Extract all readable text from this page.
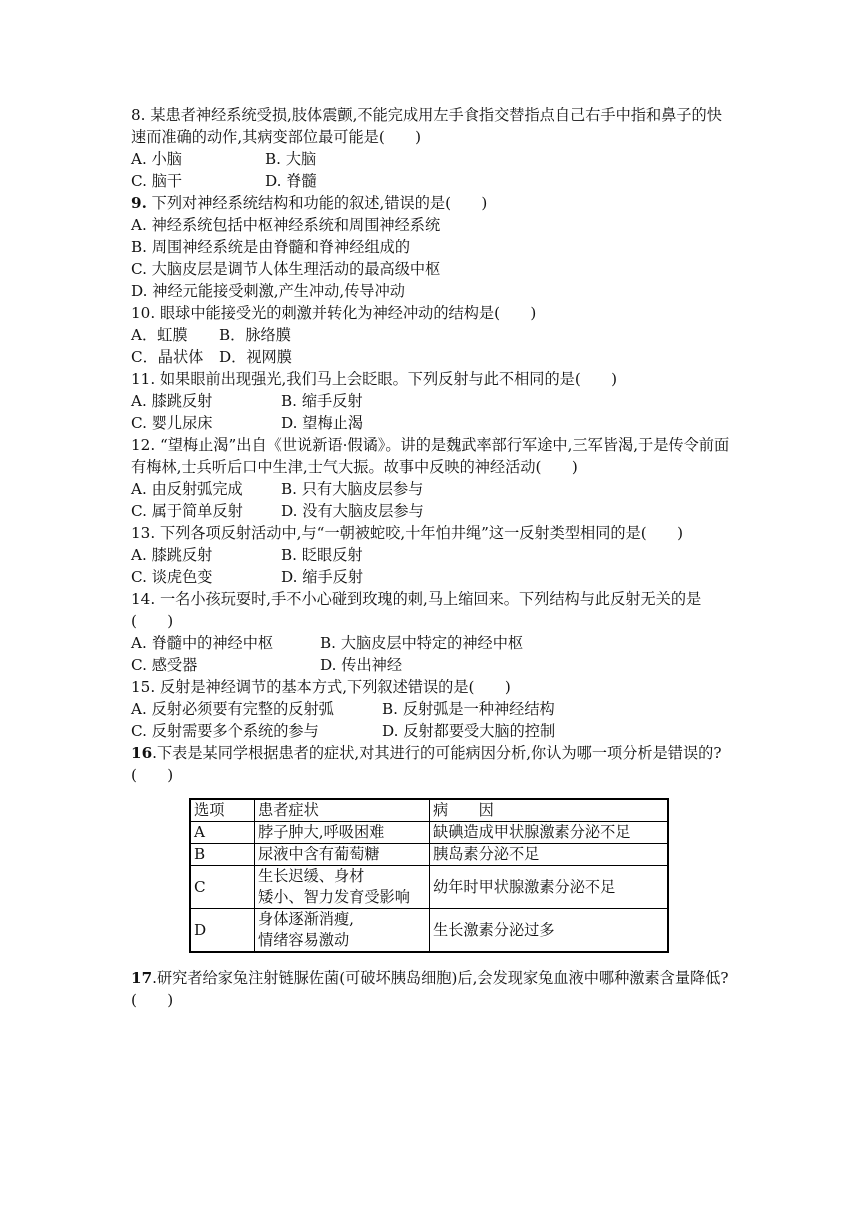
8. 某患者神经系统受损,肢体震颤,不能完成用左手食指交替指点自己右手中指和鼻子的快速而准确的动作,其病变部位最可能是(　　)

A. 小脑	B. 大脑
C. 脑干	D. 脊髓

9. 下列对神经系统结构和功能的叙述,错误的是(　　)

A. 神经系统包括中枢神经系统和周围神经系统
B. 周围神经系统是由脊髓和脊神经组成的
C. 大脑皮层是调节人体生理活动的最高级中枢
D. 神经元能接受刺激,产生冲动,传导冲动

10. 眼球中能接受光的刺激并转化为神经冲动的结构是(　　)

A．虹膜	B．脉络膜
C．晶状体	D．视网膜

11. 如果眼前出现强光,我们马上会眨眼。下列反射与此不相同的是(　　)

A. 膝跳反射	B. 缩手反射
C. 婴儿尿床	D. 望梅止渴

12. “望梅止渴”出自《世说新语·假谲》。讲的是魏武率部行军途中,三军皆渴,于是传令前面有梅林,士兵听后口中生津,士气大振。故事中反映的神经活动(　　)

A. 由反射弧完成	B. 只有大脑皮层参与
C. 属于简单反射	D. 没有大脑皮层参与

13. 下列各项反射活动中,与“一朝被蛇咬,十年怕井绳”这一反射类型相同的是(　　)

A. 膝跳反射	B. 眨眼反射
C. 谈虎色变	D. 缩手反射

14. 一名小孩玩耍时,手不小心碰到玫瑰的刺,马上缩回来。下列结构与此反射无关的是(　　)

A. 脊髓中的神经中枢	B. 大脑皮层中特定的神经中枢
C. 感受器	D. 传出神经

15. 反射是神经调节的基本方式,下列叙述错误的是(　　)

A. 反射必须要有完整的反射弧	B. 反射弧是一种神经结构
C. 反射需要多个系统的参与	D. 反射都要受大脑的控制

16.下表是某同学根据患者的症状,对其进行的可能病因分析,你认为哪一项分析是错误的?(　　)

选项	患者症状	病　　因
A	脖子肿大,呼吸困难	缺碘造成甲状腺激素分泌不足
B	尿液中含有葡萄糖	胰岛素分泌不足
C	生长迟缓、身材
矮小、智力发育受影响	幼年时甲状腺激素分泌不足
D	身体逐渐消瘦,
情绪容易激动	生长激素分泌过多

17.研究者给家兔注射链脲佐菌(可破坏胰岛细胞)后,会发现家兔血液中哪种激素含量降低?(　　)
